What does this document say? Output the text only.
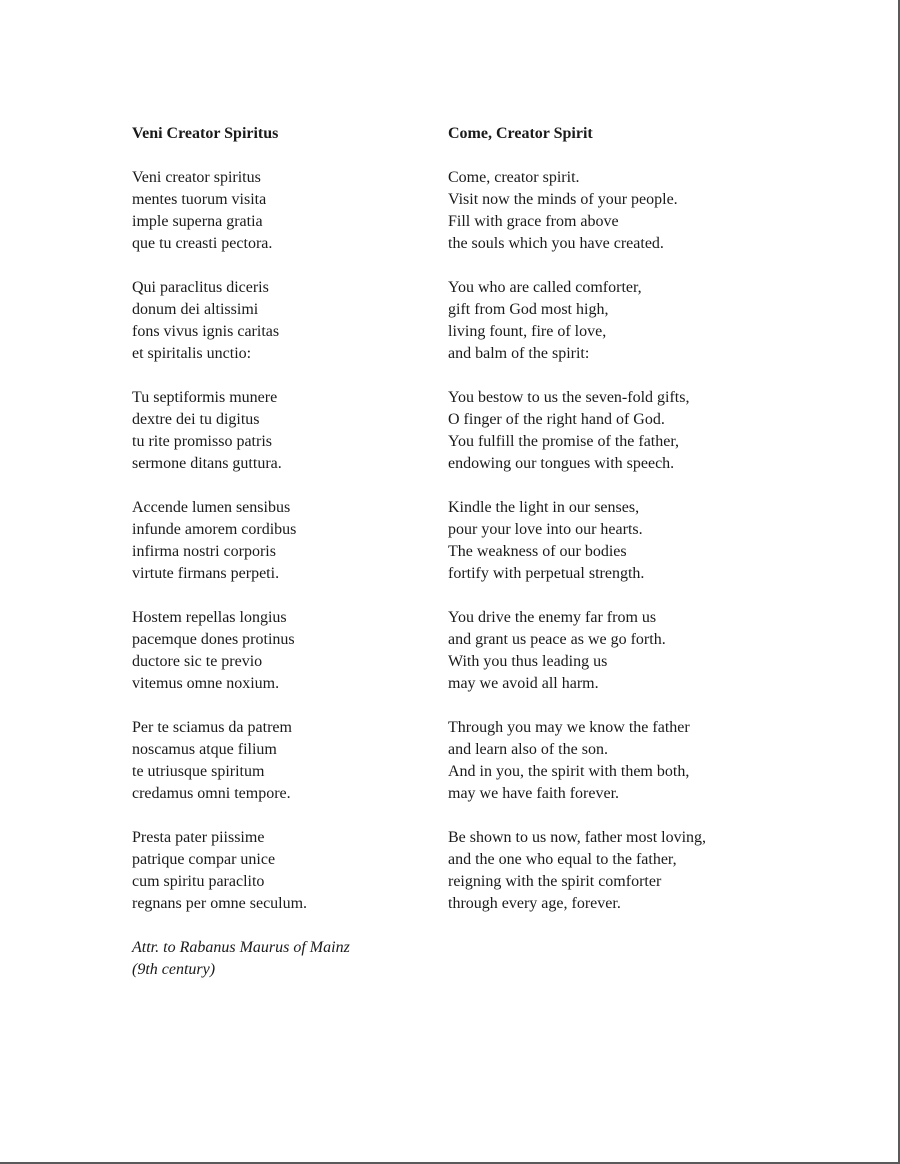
Veni Creator Spiritus
Veni creator spiritus
mentes tuorum visita
imple superna gratia
que tu creasti pectora.
Qui paraclitus diceris
donum dei altissimi
fons vivus ignis caritas
et spiritalis unctio:
Tu septiformis munere
dextre dei tu digitus
tu rite promisso patris
sermone ditans guttura.
Accende lumen sensibus
infunde amorem cordibus
infirma nostri corporis
virtute firmans perpeti.
Hostem repellas longius
pacemque dones protinus
ductore sic te previo
vitemus omne noxium.
Per te sciamus da patrem
noscamus atque filium
te utriusque spiritum
credamus omni tempore.
Presta pater piissime
patrique compar unice
cum spiritu paraclito
regnans per omne seculum.
Attr. to Rabanus Maurus of Mainz
(9th century)
Come, Creator Spirit
Come, creator spirit.
Visit now the minds of your people.
Fill with grace from above
the souls which you have created.
You who are called comforter,
gift from God most high,
living fount, fire of love,
and balm of the spirit:
You bestow to us the seven-fold gifts,
O finger of the right hand of God.
You fulfill the promise of the father,
endowing our tongues with speech.
Kindle the light in our senses,
pour your love into our hearts.
The weakness of our bodies
fortify with perpetual strength.
You drive the enemy far from us
and grant us peace as we go forth.
With you thus leading us
may we avoid all harm.
Through you may we know the father
and learn also of the son.
And in you, the spirit with them both,
may we have faith forever.
Be shown to us now, father most loving,
and the one who equal to the father,
reigning with the spirit comforter
through every age, forever.
